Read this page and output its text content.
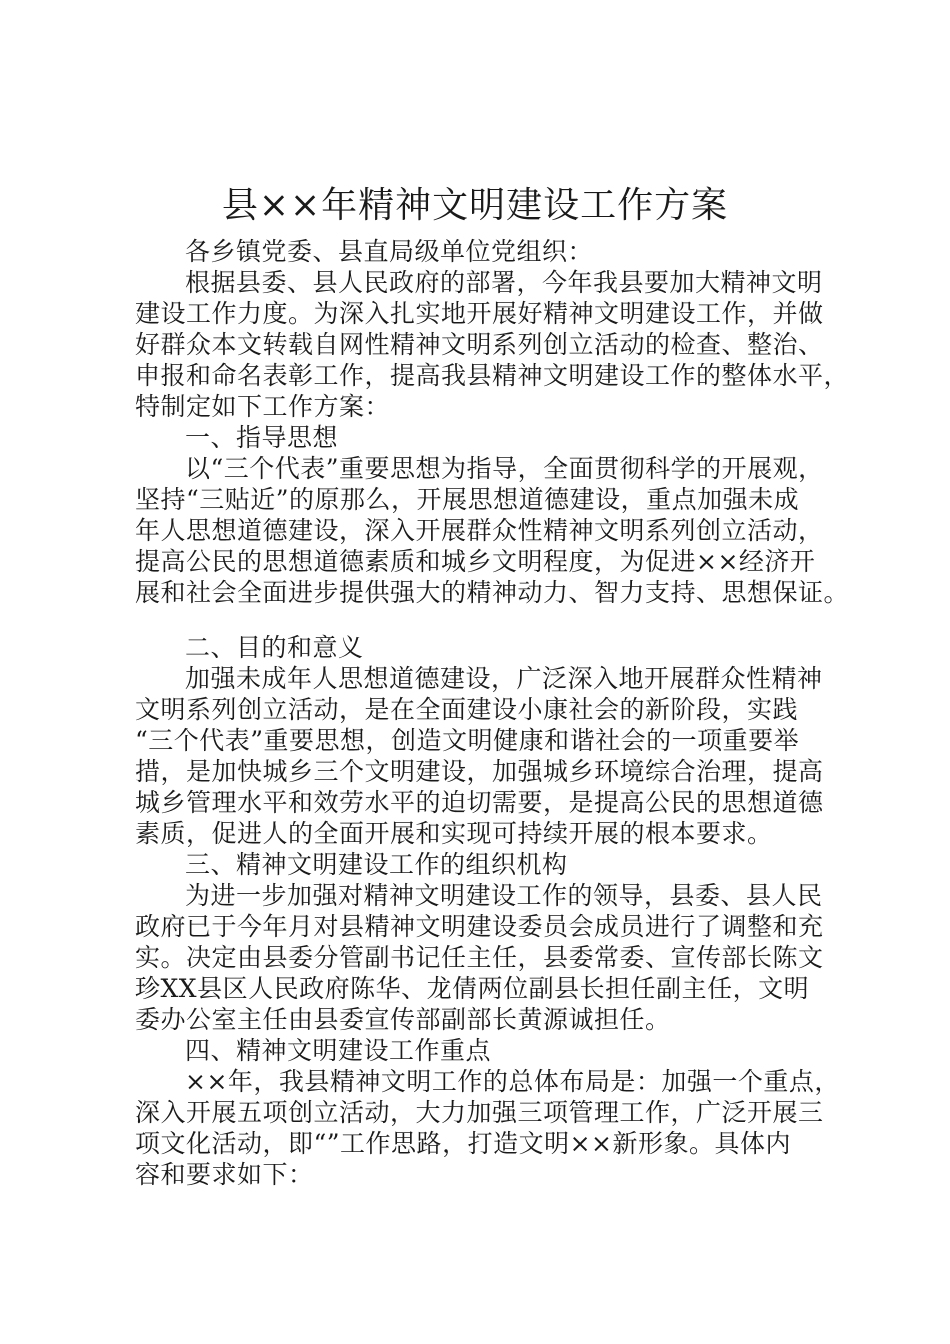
县××年精神文明建设工作方案
各乡镇党委、县直局级单位党组织：
根据县委、县人民政府的部署，今年我县要加大精神文明
建设工作力度。为深入扎实地开展好精神文明建设工作，并做
好群众本文转载自网性精神文明系列创立活动的检查、整治、
申报和命名表彰工作，提高我县精神文明建设工作的整体水平，
特制定如下工作方案：
一、指导思想
以“三个代表”重要思想为指导，全面贯彻科学的开展观，
坚持“三贴近”的原那么，开展思想道德建设，重点加强未成
年人思想道德建设，深入开展群众性精神文明系列创立活动，
提高公民的思想道德素质和城乡文明程度，为促进××经济开
展和社会全面进步提供强大的精神动力、智力支持、思想保证。
二、目的和意义
加强未成年人思想道德建设，广泛深入地开展群众性精神
文明系列创立活动，是在全面建设小康社会的新阶段，实践
“三个代表”重要思想，创造文明健康和谐社会的一项重要举
措，是加快城乡三个文明建设，加强城乡环境综合治理，提高
城乡管理水平和效劳水平的迫切需要，是提高公民的思想道德
素质，促进人的全面开展和实现可持续开展的根本要求。
三、精神文明建设工作的组织机构
为进一步加强对精神文明建设工作的领导，县委、县人民
政府已于今年月对县精神文明建设委员会成员进行了调整和充
实。决定由县委分管副书记任主任，县委常委、宣传部长陈文
珍XX县区人民政府陈华、龙倩两位副县长担任副主任，文明
委办公室主任由县委宣传部副部长黄源诚担任。
四、精神文明建设工作重点
××年，我县精神文明工作的总体布局是：加强一个重点，
深入开展五项创立活动，大力加强三项管理工作，广泛开展三
项文化活动，即“”工作思路，打造文明××新形象。具体内
容和要求如下：
